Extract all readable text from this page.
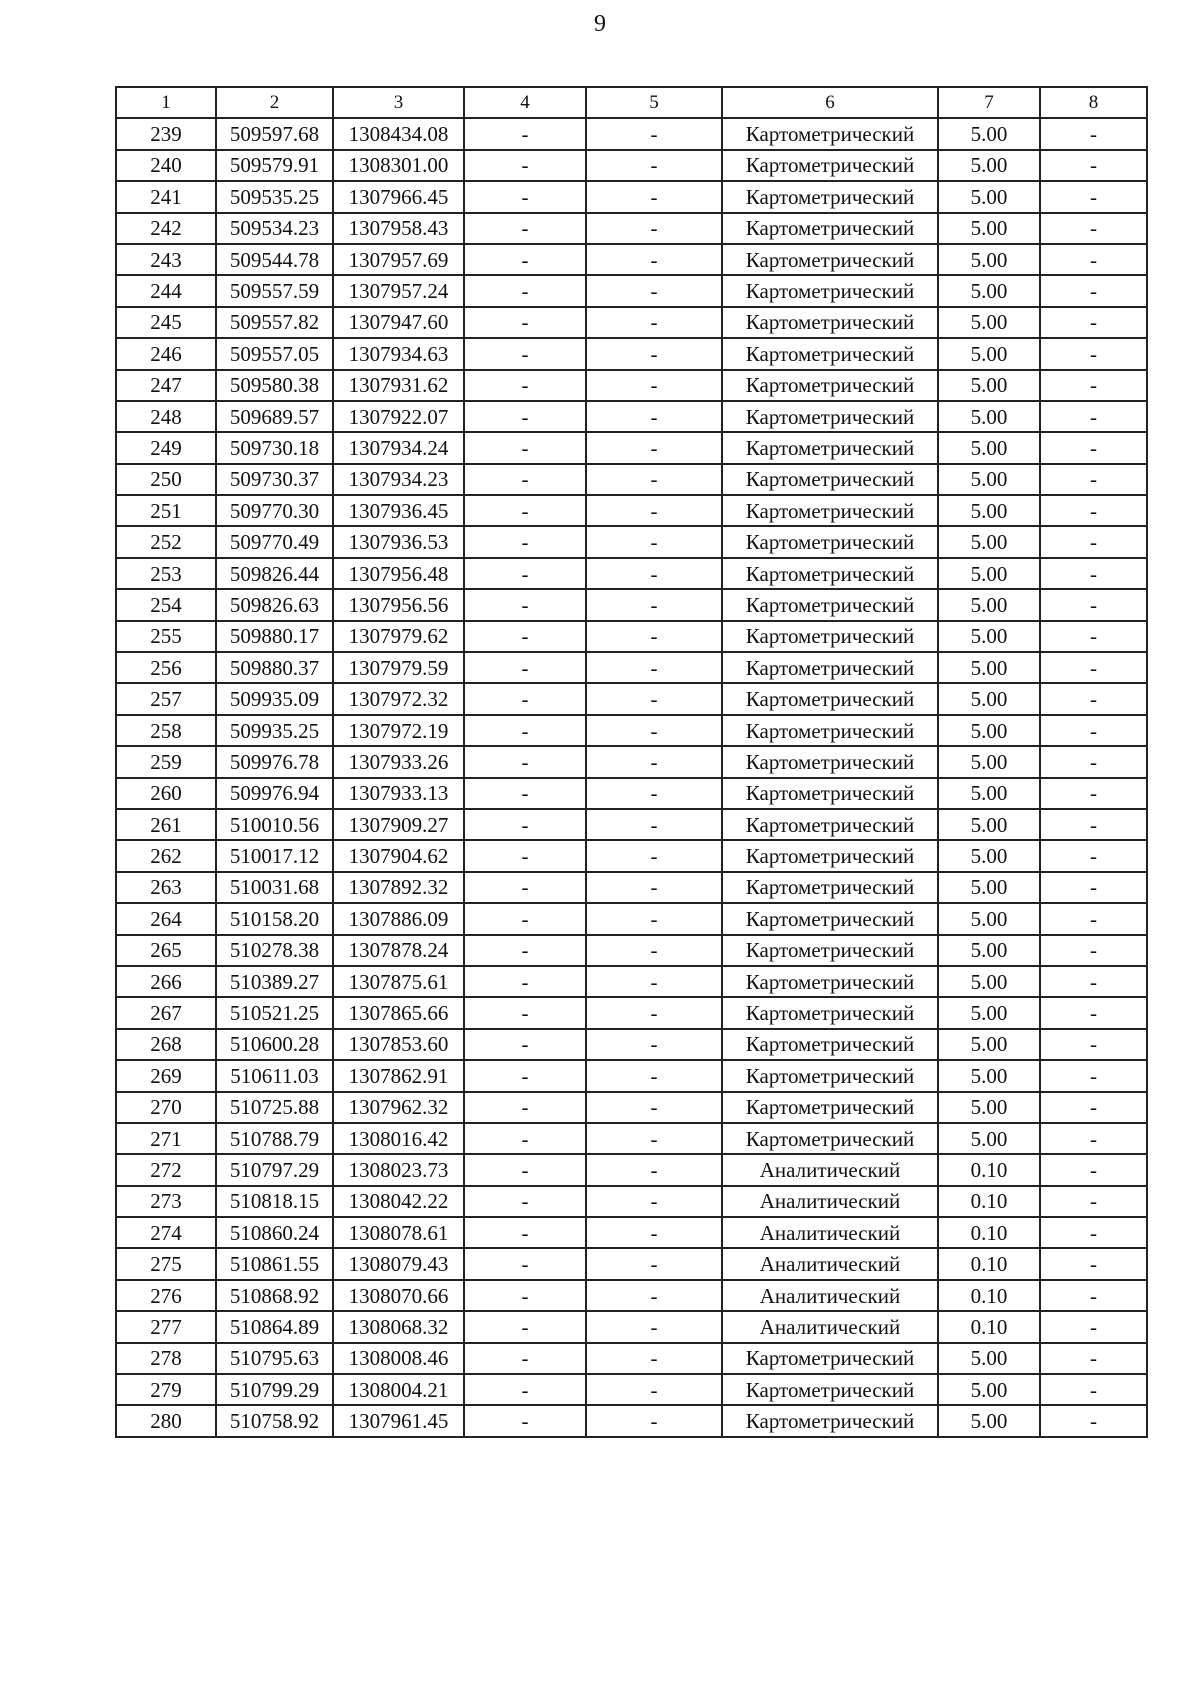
9
1	2	3	4	5	6	7	8
239	509597.68	1308434.08	-	-	Картометрический	5.00	-
240	509579.91	1308301.00	-	-	Картометрический	5.00	-
241	509535.25	1307966.45	-	-	Картометрический	5.00	-
242	509534.23	1307958.43	-	-	Картометрический	5.00	-
243	509544.78	1307957.69	-	-	Картометрический	5.00	-
244	509557.59	1307957.24	-	-	Картометрический	5.00	-
245	509557.82	1307947.60	-	-	Картометрический	5.00	-
246	509557.05	1307934.63	-	-	Картометрический	5.00	-
247	509580.38	1307931.62	-	-	Картометрический	5.00	-
248	509689.57	1307922.07	-	-	Картометрический	5.00	-
249	509730.18	1307934.24	-	-	Картометрический	5.00	-
250	509730.37	1307934.23	-	-	Картометрический	5.00	-
251	509770.30	1307936.45	-	-	Картометрический	5.00	-
252	509770.49	1307936.53	-	-	Картометрический	5.00	-
253	509826.44	1307956.48	-	-	Картометрический	5.00	-
254	509826.63	1307956.56	-	-	Картометрический	5.00	-
255	509880.17	1307979.62	-	-	Картометрический	5.00	-
256	509880.37	1307979.59	-	-	Картометрический	5.00	-
257	509935.09	1307972.32	-	-	Картометрический	5.00	-
258	509935.25	1307972.19	-	-	Картометрический	5.00	-
259	509976.78	1307933.26	-	-	Картометрический	5.00	-
260	509976.94	1307933.13	-	-	Картометрический	5.00	-
261	510010.56	1307909.27	-	-	Картометрический	5.00	-
262	510017.12	1307904.62	-	-	Картометрический	5.00	-
263	510031.68	1307892.32	-	-	Картометрический	5.00	-
264	510158.20	1307886.09	-	-	Картометрический	5.00	-
265	510278.38	1307878.24	-	-	Картометрический	5.00	-
266	510389.27	1307875.61	-	-	Картометрический	5.00	-
267	510521.25	1307865.66	-	-	Картометрический	5.00	-
268	510600.28	1307853.60	-	-	Картометрический	5.00	-
269	510611.03	1307862.91	-	-	Картометрический	5.00	-
270	510725.88	1307962.32	-	-	Картометрический	5.00	-
271	510788.79	1308016.42	-	-	Картометрический	5.00	-
272	510797.29	1308023.73	-	-	Аналитический	0.10	-
273	510818.15	1308042.22	-	-	Аналитический	0.10	-
274	510860.24	1308078.61	-	-	Аналитический	0.10	-
275	510861.55	1308079.43	-	-	Аналитический	0.10	-
276	510868.92	1308070.66	-	-	Аналитический	0.10	-
277	510864.89	1308068.32	-	-	Аналитический	0.10	-
278	510795.63	1308008.46	-	-	Картометрический	5.00	-
279	510799.29	1308004.21	-	-	Картометрический	5.00	-
280	510758.92	1307961.45	-	-	Картометрический	5.00	-
